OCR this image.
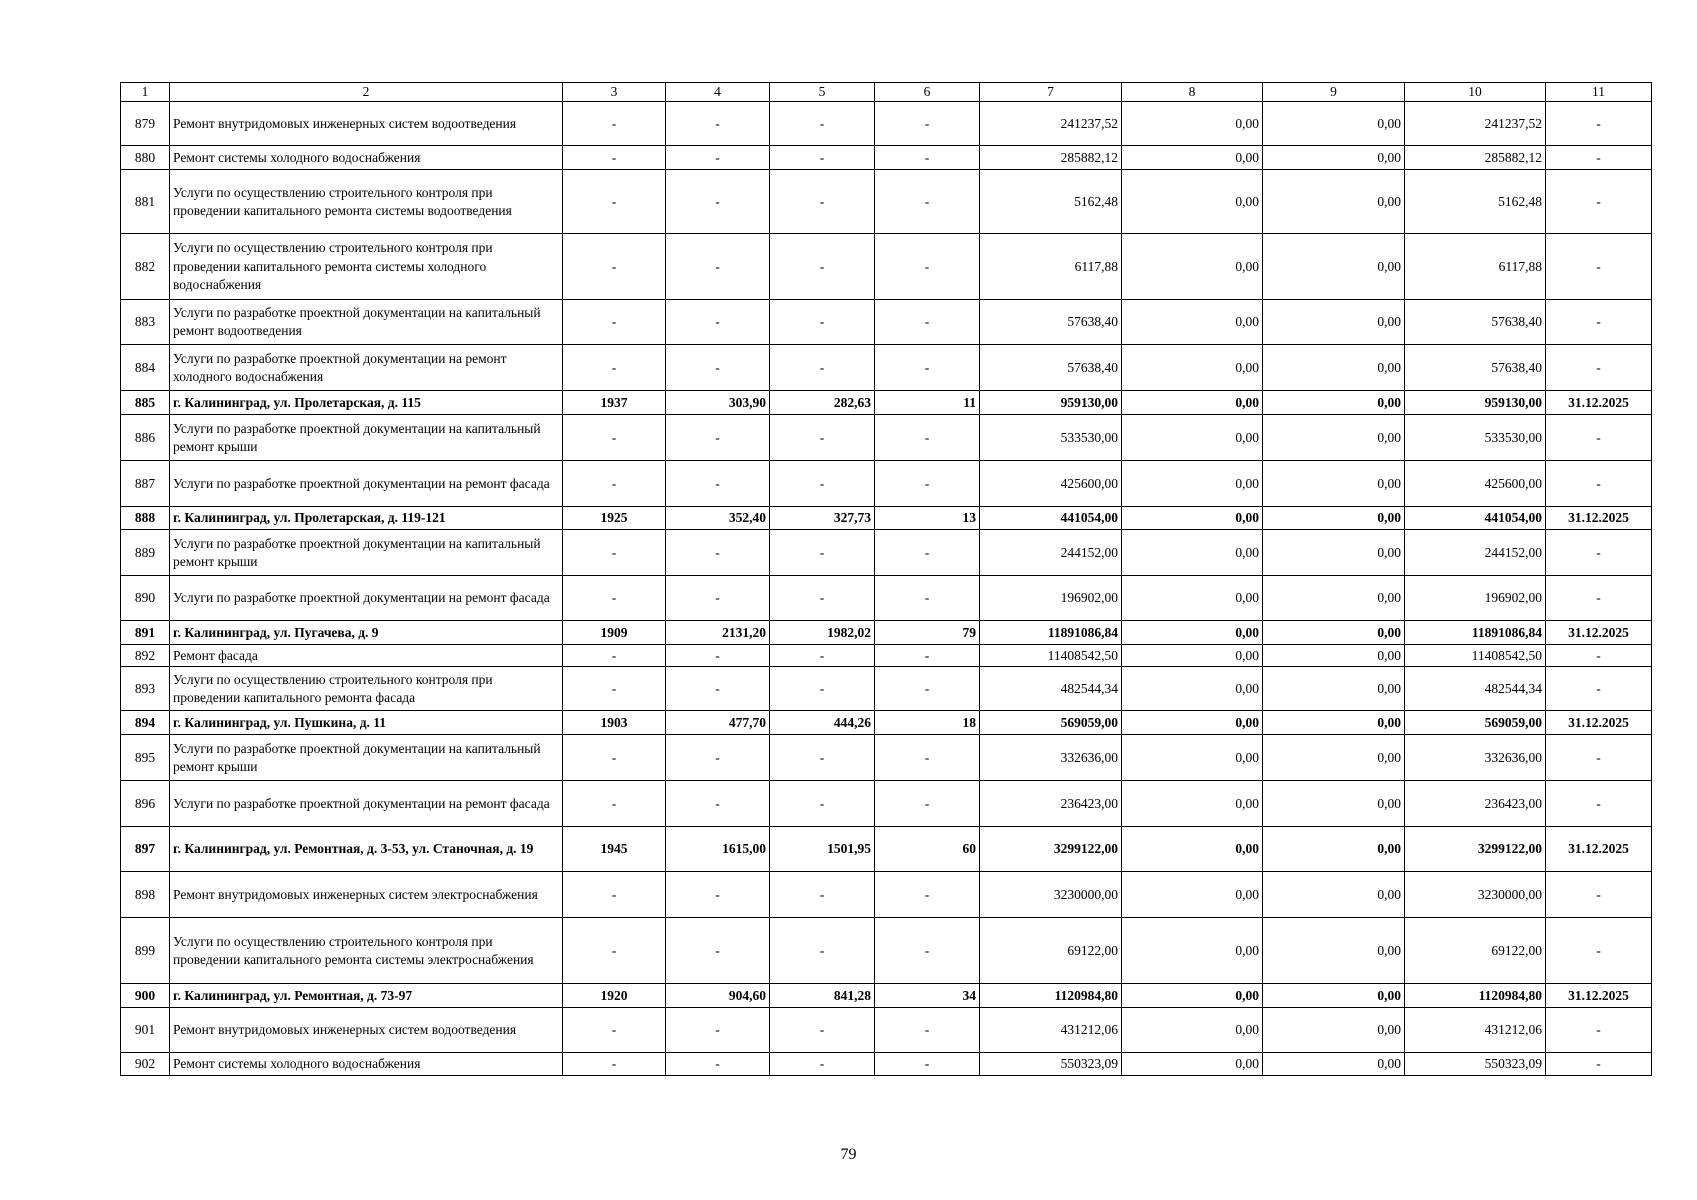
1	2	3	4	5	6	7	8	9	10	11
879	Ремонт внутридомовых инженерных систем водоотведения	-	-	-	-	241237,52	0,00	0,00	241237,52	-
880	Ремонт системы холодного водоснабжения	-	-	-	-	285882,12	0,00	0,00	285882,12	-
881	Услуги по осуществлению строительного контроля при проведении капитального ремонта системы водоотведения	-	-	-	-	5162,48	0,00	0,00	5162,48	-
882	Услуги по осуществлению строительного контроля при проведении капитального ремонта системы холодного водоснабжения	-	-	-	-	6117,88	0,00	0,00	6117,88	-
883	Услуги по разработке проектной документации на капитальный ремонт водоотведения	-	-	-	-	57638,40	0,00	0,00	57638,40	-
884	Услуги по разработке проектной документации на ремонт холодного водоснабжения	-	-	-	-	57638,40	0,00	0,00	57638,40	-
885	г. Калининград, ул. Пролетарская, д. 115	1937	303,90	282,63	11	959130,00	0,00	0,00	959130,00	31.12.2025
886	Услуги по разработке проектной документации на капитальный ремонт крыши	-	-	-	-	533530,00	0,00	0,00	533530,00	-
887	Услуги по разработке проектной документации на ремонт фасада	-	-	-	-	425600,00	0,00	0,00	425600,00	-
888	г. Калининград, ул. Пролетарская, д. 119-121	1925	352,40	327,73	13	441054,00	0,00	0,00	441054,00	31.12.2025
889	Услуги по разработке проектной документации на капитальный ремонт крыши	-	-	-	-	244152,00	0,00	0,00	244152,00	-
890	Услуги по разработке проектной документации на ремонт фасада	-	-	-	-	196902,00	0,00	0,00	196902,00	-
891	г. Калининград, ул. Пугачева, д. 9	1909	2131,20	1982,02	79	11891086,84	0,00	0,00	11891086,84	31.12.2025
892	Ремонт фасада	-	-	-	-	11408542,50	0,00	0,00	11408542,50	-
893	Услуги по осуществлению строительного контроля при проведении капитального ремонта фасада	-	-	-	-	482544,34	0,00	0,00	482544,34	-
894	г. Калининград, ул. Пушкина, д. 11	1903	477,70	444,26	18	569059,00	0,00	0,00	569059,00	31.12.2025
895	Услуги по разработке проектной документации на капитальный ремонт крыши	-	-	-	-	332636,00	0,00	0,00	332636,00	-
896	Услуги по разработке проектной документации на ремонт фасада	-	-	-	-	236423,00	0,00	0,00	236423,00	-
897	г. Калининград, ул. Ремонтная, д. 3-53, ул. Станочная, д. 19	1945	1615,00	1501,95	60	3299122,00	0,00	0,00	3299122,00	31.12.2025
898	Ремонт внутридомовых инженерных систем электроснабжения	-	-	-	-	3230000,00	0,00	0,00	3230000,00	-
899	Услуги по осуществлению строительного контроля при проведении капитального ремонта системы электроснабжения	-	-	-	-	69122,00	0,00	0,00	69122,00	-
900	г. Калининград, ул. Ремонтная, д. 73-97	1920	904,60	841,28	34	1120984,80	0,00	0,00	1120984,80	31.12.2025
901	Ремонт внутридомовых инженерных систем водоотведения	-	-	-	-	431212,06	0,00	0,00	431212,06	-
902	Ремонт системы холодного водоснабжения	-	-	-	-	550323,09	0,00	0,00	550323,09	-
79
